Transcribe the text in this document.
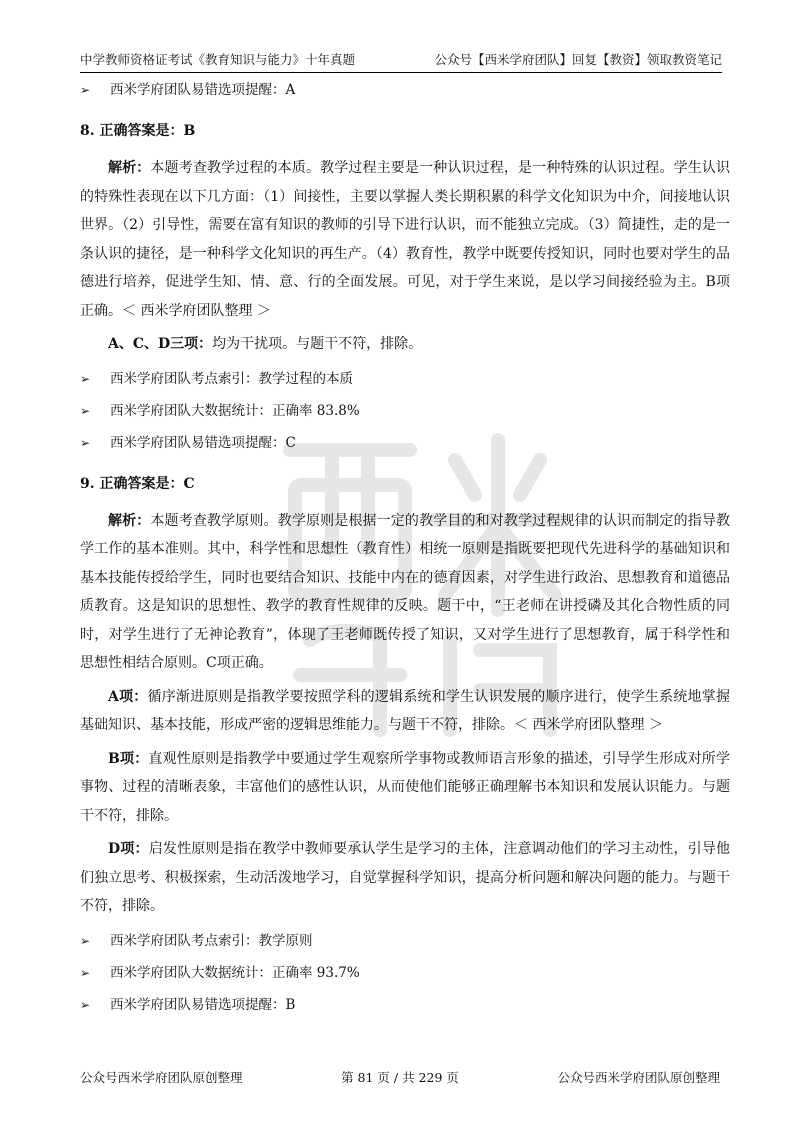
中学教师资格证考试《教育知识与能力》十年真题	公众号【西米学府团队】回复【教资】领取教资笔记
西米
➢ 西米学府团队易错选项提醒：A
8. 正确答案是：B

解析：本题考查教学过程的本质。教学过程主要是一种认识过程，是一种特殊的认识过程。学生认识的特殊性表现在以下几方面：（1）间接性，主要以掌握人类长期积累的科学文化知识为中介，间接地认识世界。（2）引导性，需要在富有知识的教师的引导下进行认识，而不能独立完成。（3）简捷性，走的是一条认识的捷径，是一种科学文化知识的再生产。（4）教育性，教学中既要传授知识，同时也要对学生的品德进行培养，促进学生知、情、意、行的全面发展。可见，对于学生来说，是以学习间接经验为主。B项正确。＜ 西米学府团队整理 ＞

A、C、D三项：均为干扰项。与题干不符，排除。

➢ 西米学府团队考点索引：教学过程的本质
➢ 西米学府团队大数据统计：正确率 83.8%
➢ 西米学府团队易错选项提醒：C
9. 正确答案是：C

解析：本题考查教学原则。教学原则是根据一定的教学目的和对教学过程规律的认识而制定的指导教学工作的基本准则。其中，科学性和思想性（教育性）相统一原则是指既要把现代先进科学的基础知识和基本技能传授给学生，同时也要结合知识、技能中内在的德育因素，对学生进行政治、思想教育和道德品质教育。这是知识的思想性、教学的教育性规律的反映。题干中，“王老师在讲授磷及其化合物性质的同时，对学生进行了无神论教育”，体现了王老师既传授了知识，又对学生进行了思想教育，属于科学性和思想性相结合原则。C项正确。

A项：循序渐进原则是指教学要按照学科的逻辑系统和学生认识发展的顺序进行，使学生系统地掌握基础知识、基本技能，形成严密的逻辑思维能力。与题干不符，排除。＜ 西米学府团队整理 ＞

B项：直观性原则是指教学中要通过学生观察所学事物或教师语言形象的描述，引导学生形成对所学事物、过程的清晰表象，丰富他们的感性认识，从而使他们能够正确理解书本知识和发展认识能力。与题干不符，排除。

D项：启发性原则是指在教学中教师要承认学生是学习的主体，注意调动他们的学习主动性，引导他们独立思考、积极探索，生动活泼地学习，自觉掌握科学知识，提高分析问题和解决问题的能力。与题干不符，排除。

➢ 西米学府团队考点索引：教学原则
➢ 西米学府团队大数据统计：正确率 93.7%
➢ 西米学府团队易错选项提醒：B
公众号西米学府团队原创整理	第 81 页 / 共 229 页	公众号西米学府团队原创整理
